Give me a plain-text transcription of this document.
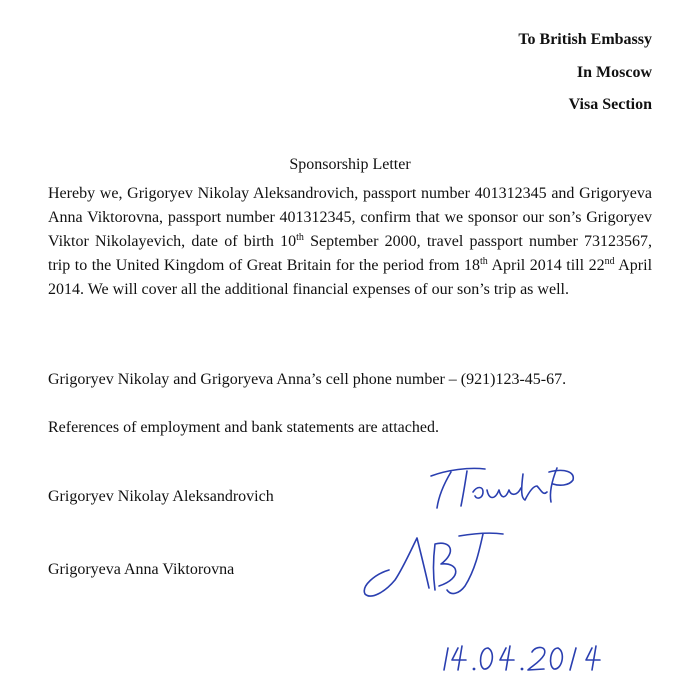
To British Embassy
In Moscow
Visa Section
Sponsorship Letter
Hereby we, Grigoryev Nikolay Aleksandrovich, passport number 401312345 and Grigoryeva Anna Viktorovna, passport number 401312345, confirm that we sponsor our son’s Grigoryev Viktor Nikolayevich, date of birth 10th September 2000, travel passport number 73123567, trip to the United Kingdom of Great Britain for the period from 18th April 2014 till 22nd April 2014. We will cover all the additional financial expenses of our son’s trip as well.
Grigoryev Nikolay and Grigoryeva Anna’s cell phone number – (921)123-45-67.
References of employment and bank statements are attached.
Grigoryev Nikolay Aleksandrovich
Grigoryeva Anna Viktorovna
